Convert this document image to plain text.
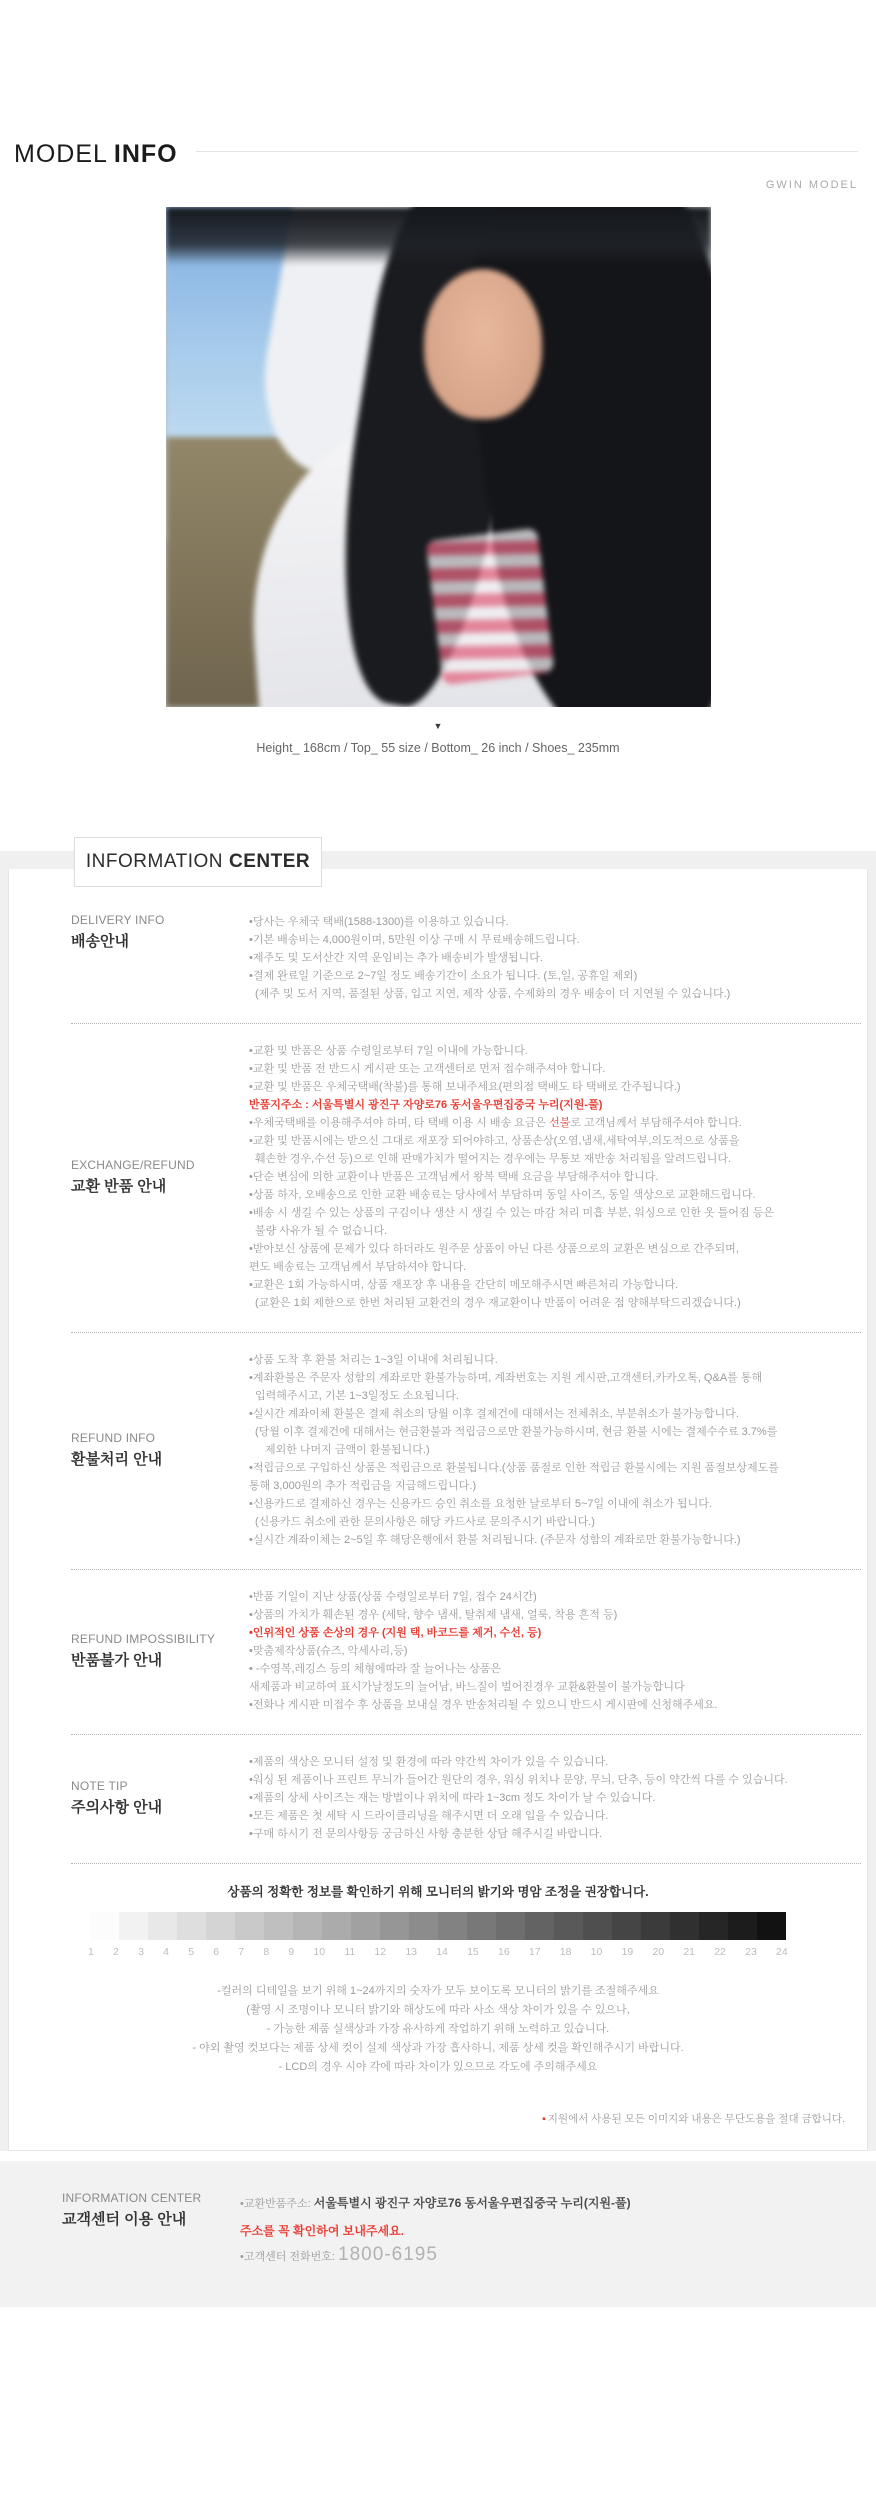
MODEL INFO
GWIN MODEL
▼
Height_ 168cm / Top_ 55 size / Bottom_ 26 inch / Shoes_ 235mm
INFORMATION CENTER
DELIVERY INFO
배송안내
•당사는 우체국 택배(1588-1300)를 이용하고 있습니다.
•기본 배송비는 4,000원이며, 5만원 이상 구매 시 무료배송해드립니다.
•제주도 및 도서산간 지역 운임비는 추가 배송비가 발생됩니다.
•결제 완료일 기준으로 2~7일 정도 배송기간이 소요가 됩니다. (토,일, 공휴일 제외)
(제주 및 도서 지역, 품절된 상품, 입고 지연, 제작 상품, 수제화의 경우 배송이 더 지연될 수 있습니다.)
EXCHANGE/REFUND
교환 반품 안내
•교환 및 반품은 상품 수령일로부터 7일 이내에 가능합니다.
•교환 및 반품 전 반드시 게시판 또는 고객센터로 먼저 접수해주셔야 합니다.
•교환 및 반품은 우체국택배(착불)를 통해 보내주세요(편의점 택배도 타 택배로 간주됩니다.)
반품지주소 : 서울특별시 광진구 자양로76 동서울우편집중국 누리(지원-풀)
•우체국택배를 이용해주셔야 하며, 타 택배 이용 시 배송 요금은 선불로 고객님께서 부담해주셔야 합니다.
•교환 및 반품시에는 받으신 그대로 재포장 되어야하고, 상품손상(오염,냄새,세탁여부,의도적으로 상품을
훼손한 경우,수선 등)으로 인해 판매가치가 떨어지는 경우에는 무통보 재반송 처리됨을 알려드립니다.
•단순 변심에 의한 교환이나 반품은 고객님께서 왕복 택배 요금을 부담해주셔야 합니다.
•상품 하자, 오배송으로 인한 교환 배송료는 당사에서 부담하며 동일 사이즈, 동일 색상으로 교환해드립니다.
•배송 시 생길 수 있는 상품의 구김이나 생산 시 생길 수 있는 마감 처리 미흡 부분, 워싱으로 인한 옷 틀어짐 등은
불량 사유가 될 수 없습니다.
•받아보신 상품에 문제가 있다 하더라도 원주문 상품이 아닌 다른 상품으로의 교환은 변심으로 간주되며,
편도 배송료는 고객님께서 부담하셔야 합니다.
•교환은 1회 가능하시며, 상품 재포장 후 내용을 간단히 메모해주시면 빠른처리 가능합니다.
(교환은 1회 제한으로 한번 처리된 교환건의 경우 재교환이나 반품이 어려운 점 양해부탁드리겠습니다.)
REFUND INFO
환불처리 안내
•상품 도착 후 환불 처리는 1~3일 이내에 처리됩니다.
•계좌환불은 주문자 성함의 계좌로만 환불가능하며, 계좌번호는 지원 게시판,고객센터,카카오톡, Q&A를 통해
입력해주시고, 기본 1~3일정도 소요됩니다.
•실시간 계좌이체 환불은 결제 취소의 당월 이후 결제건에 대해서는 전체취소, 부분취소가 불가능합니다.
(당월 이후 결제건에 대해서는 현금환불과 적립금으로만 환불가능하시며, 현금 환불 시에는 결제수수료 3.7%를
제외한 나머지 금액이 환불됩니다.)
•적립금으로 구입하신 상품은 적립금으로 환불됩니다.(상품 품절로 인한 적립금 환불시에는 지원 품절보상제도를
통해 3,000원의 추가 적립금을 지급해드립니다.)
•신용카드로 결제하신 경우는 신용카드 승인 취소를 요청한 날로부터 5~7일 이내에 취소가 됩니다.
(신용카드 취소에 관한 문의사항은 해당 카드사로 문의주시기 바랍니다.)
•실시간 계좌이체는 2~5일 후 해당은행에서 환불 처리됩니다. (주문자 성함의 계좌로만 환불가능합니다.)
REFUND IMPOSSIBILITY
반품불가 안내
•반품 기일이 지난 상품(상품 수령일로부터 7일, 접수 24시간)
•상품의 가치가 훼손된 경우 (세탁, 향수 냄새, 탈취제 냄새, 얼룩, 착용 흔적 등)
•인위적인 상품 손상의 경우 (지원 택, 바코드를 제거, 수선, 등)
•맞춤제작상품(슈즈, 악세사리,등)
• -수영복,레깅스 등의 체형에따라 잘 늘어나는 상품은
새제품과 비교하여 표시가날정도의 늘어남, 바느질이 벌어진경우 교환&환불이 불가능합니다
•전화나 게시판 미접수 후 상품을 보내실 경우 반송처리될 수 있으니 반드시 게시판에 신청해주세요.
NOTE TIP
주의사항 안내
•제품의 색상은 모니터 설정 및 환경에 따라 약간씩 차이가 있을 수 있습니다.
•워싱 된 제품이나 프린트 무늬가 들어간 원단의 경우, 워싱 위치나 문양, 무늬, 단추, 등이 약간씩 다를 수 있습니다.
•제품의 상세 사이즈는 재는 방법이나 위치에 따라 1~3cm 정도 차이가 날 수 있습니다.
•모든 제품은 첫 세탁 시 드라이클리닝을 해주시면 더 오래 입을 수 있습니다.
•구매 하시기 전 문의사항등 궁금하신 사항 충분한 상담 해주시길 바랍니다.
상품의 정확한 정보를 확인하기 위해 모니터의 밝기와 명암 조정을 권장합니다.
1 2 3 4 5 6 7 8 9 10 11 12 13 14 15 16 17 18 10 19 20 21 22 23 24
-컬러의 디테일을 보기 위해 1~24까지의 숫자가 모두 보이도록 모니터의 밝기를 조절해주세요
(촬영 시 조명이나 모니터 밝기와 해상도에 따라 사소 색상 차이가 있을 수 있으나,
- 가능한 제품 실색상과 가장 유사하게 작업하기 위해 노력하고 있습니다.
- 야외 촬영 컷보다는 제품 상세 컷이 실제 색상과 가장 흡사하니, 제품 상세 컷을 확인해주시기 바랍니다.
- LCD의 경우 시야 각에 따라 차이가 있으므로 각도에 주의해주세요
▪ 지원에서 사용된 모든 이미지와 내용은 무단도용을 절대 금합니다.
INFORMATION CENTER
교객센터 이용 안내
•교환반품주소: 서울특별시 광진구 자양로76 동서울우편집중국 누리(지원-풀)
주소를 꼭 확인하여 보내주세요.
•고객센터 전화번호: 1800-6195
